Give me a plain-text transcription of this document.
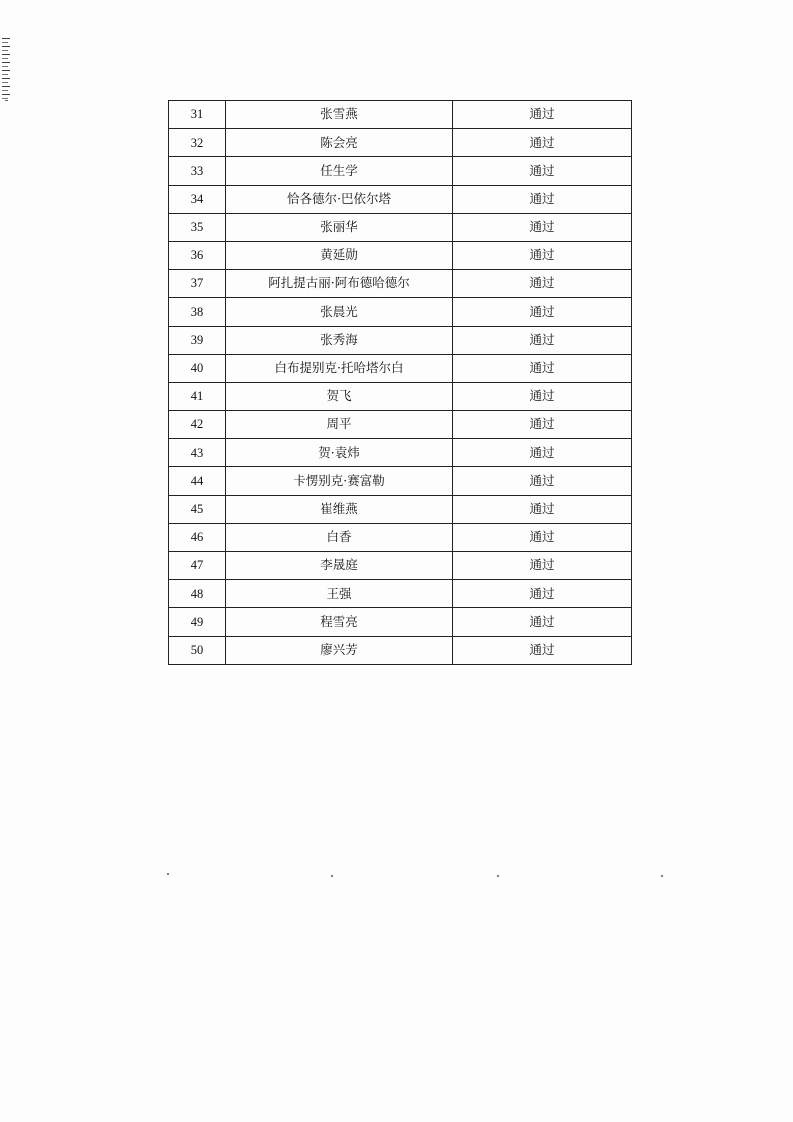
31	张雪燕	通过
32	陈会亮	通过
33	任生学	通过
34	恰各德尔·巴依尔塔	通过
35	张丽华	通过
36	黄延勋	通过
37	阿扎提古丽·阿布德哈德尔	通过
38	张晨光	通过
39	张秀海	通过
40	白布提别克·托哈塔尔白	通过
41	贺飞	通过
42	周平	通过
43	贺·袁炜	通过
44	卡愣别克·赛富勒	通过
45	崔维燕	通过
46	白香	通过
47	李晟庭	通过
48	王强	通过
49	程雪亮	通过
50	廖兴芳	通过
